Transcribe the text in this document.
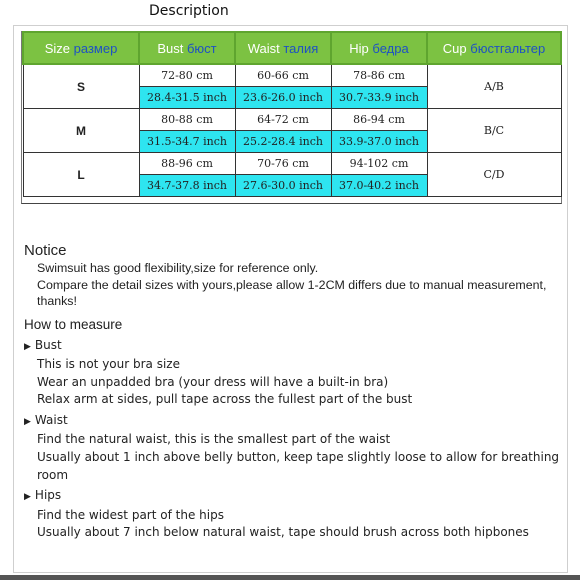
Description
Size размер	Bust бюст	Waist талия	Hip бедра	Cup бюстгальтер
S	72-80 cm	60-66 cm	78-86 cm	A/B
	28.4-31.5 inch	23.6-26.0 inch	30.7-33.9 inch	
M	80-88 cm	64-72 cm	86-94 cm	B/C
	31.5-34.7 inch	25.2-28.4 inch	33.9-37.0 inch	
L	88-96 cm	70-76 cm	94-102 cm	C/D
	34.7-37.8 inch	27.6-30.0 inch	37.0-40.2 inch	
Notice
Swimsuit has good flexibility,size for reference only.
Compare the detail sizes with yours,please allow 1-2CM differs due to manual measurement, thanks!
How to measure
▶ Bust
This is not your bra size
Wear an unpadded bra (your dress will have a built-in bra)
Relax arm at sides, pull tape across the fullest part of the bust
▶ Waist
Find the natural waist, this is the smallest part of the waist
Usually about 1 inch above belly button, keep tape slightly loose to allow for breathing room
▶ Hips
Find the widest part of the hips
Usually about 7 inch below natural waist, tape should brush across both hipbones
